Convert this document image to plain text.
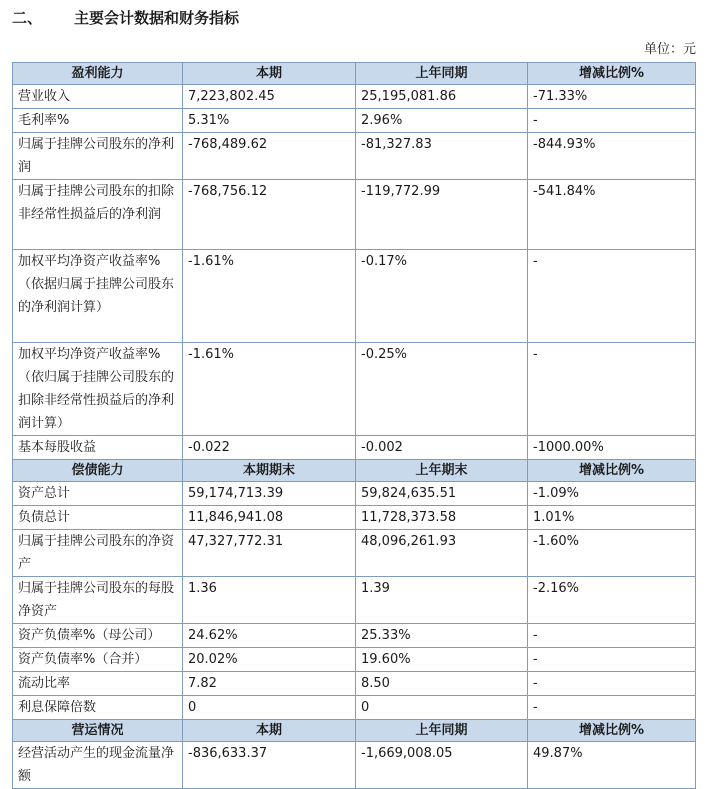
二、 主要会计数据和财务指标
单位：元
盈利能力	本期	上年同期	增减比例%
营业收入	7,223,802.45	25,195,081.86	-71.33%
毛利率%	5.31%	2.96%	-
归属于挂牌公司股东的净利润	-768,489.62	-81,327.83	-844.93%
归属于挂牌公司股东的扣除非经常性损益后的净利润	-768,756.12	-119,772.99	-541.84%
加权平均净资产收益率%（依据归属于挂牌公司股东的净利润计算）	-1.61%	-0.17%	-
加权平均净资产收益率%（依归属于挂牌公司股东的扣除非经常性损益后的净利润计算）	-1.61%	-0.25%	-
基本每股收益	-0.022	-0.002	-1000.00%
偿债能力	本期期末	上年期末	增减比例%
资产总计	59,174,713.39	59,824,635.51	-1.09%
负债总计	11,846,941.08	11,728,373.58	1.01%
归属于挂牌公司股东的净资产	47,327,772.31	48,096,261.93	-1.60%
归属于挂牌公司股东的每股净资产	1.36	1.39	-2.16%
资产负债率%（母公司）	24.62%	25.33%	-
资产负债率%（合并）	20.02%	19.60%	-
流动比率	7.82	8.50	-
利息保障倍数	0	0	-
营运情况	本期	上年同期	增减比例%
经营活动产生的现金流量净额	-836,633.37	-1,669,008.05	49.87%
